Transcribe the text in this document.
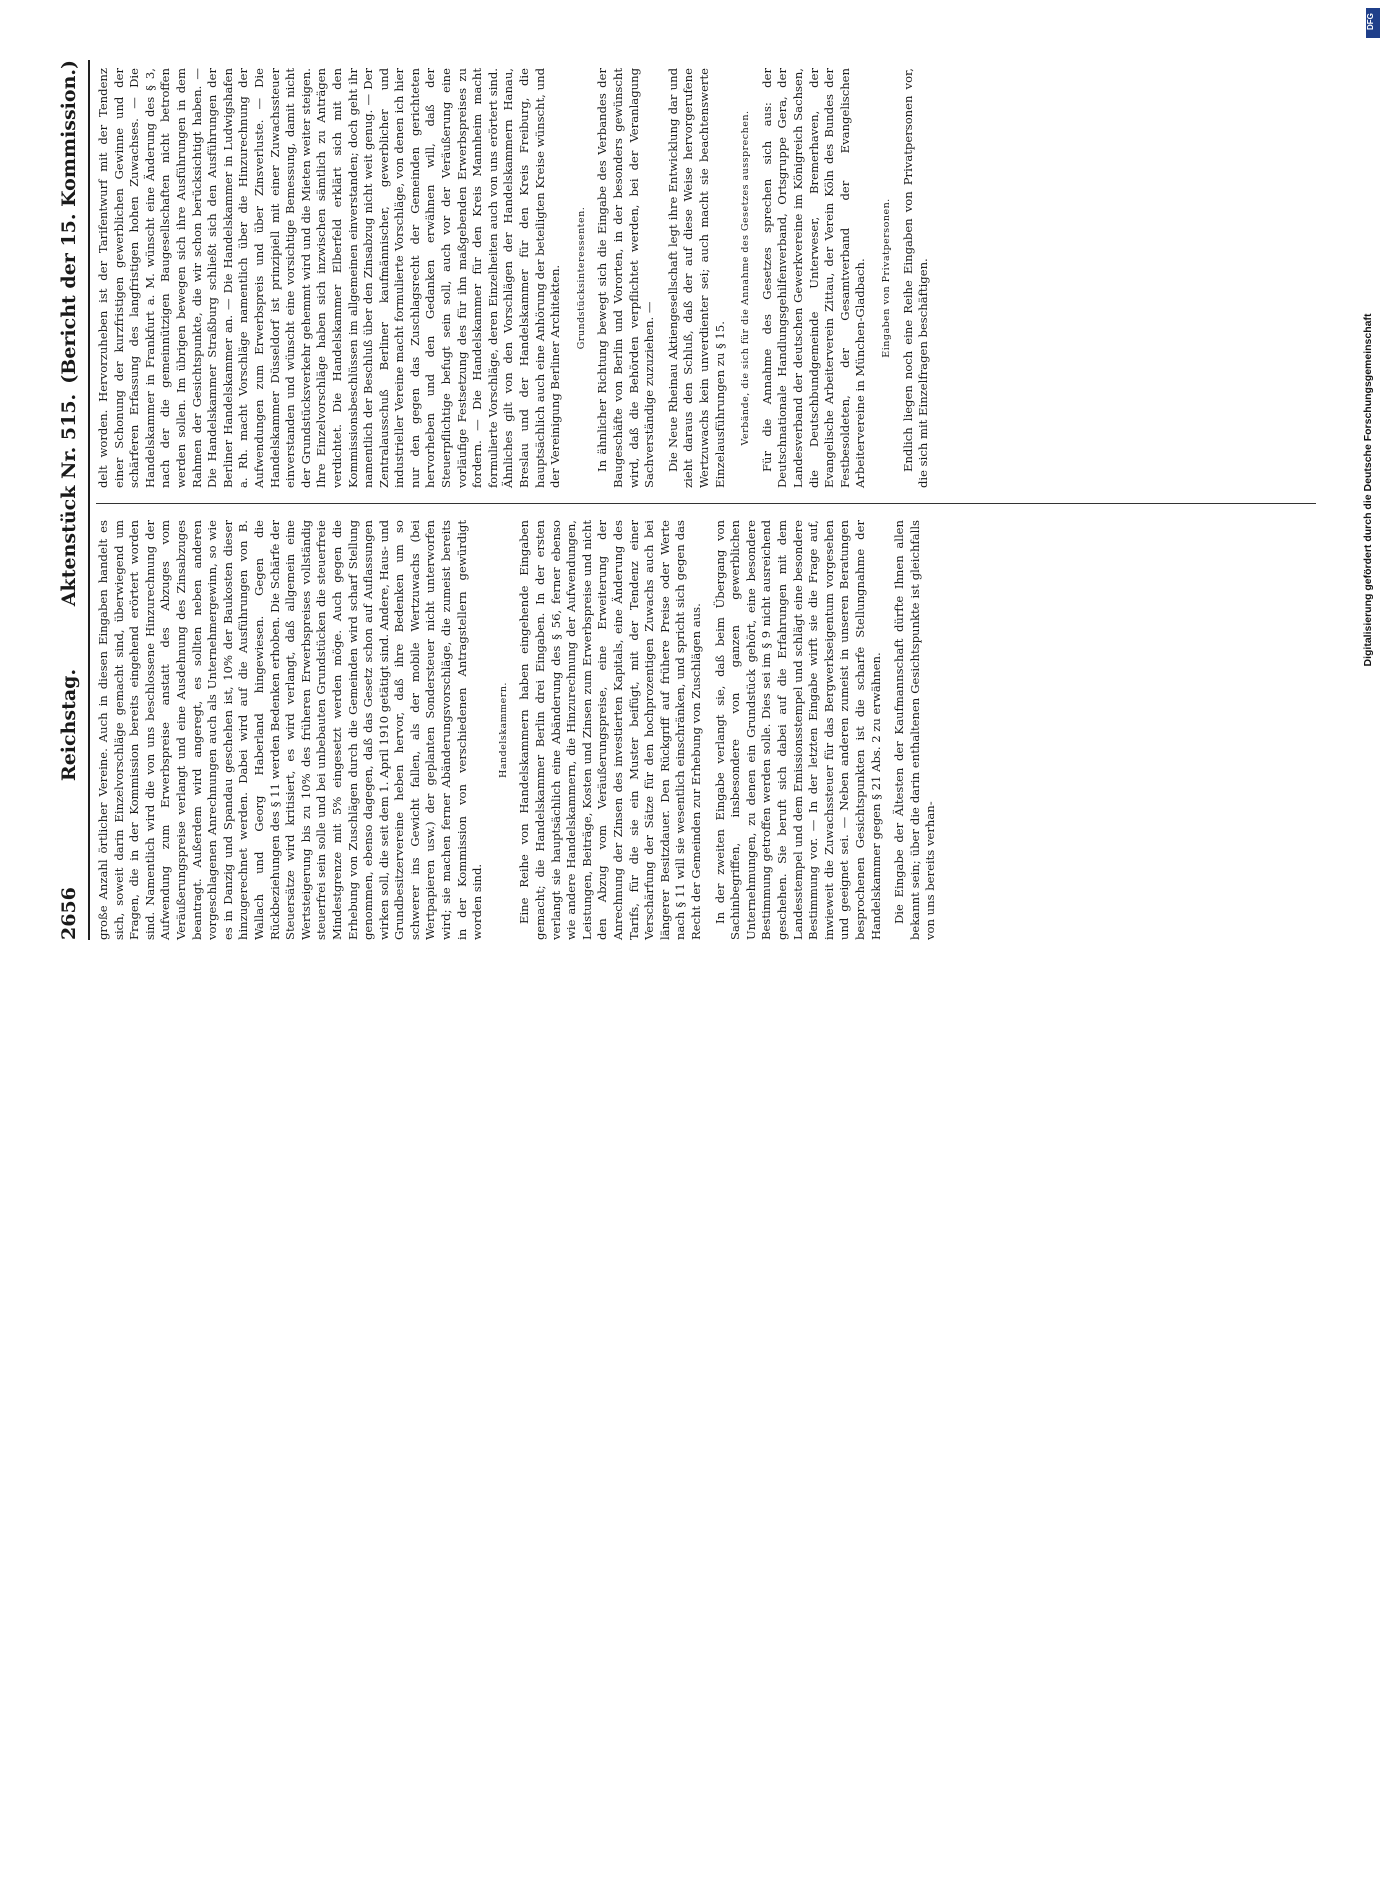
2656
Reichstag.
Aktenstück Nr. 515.
(Bericht der 15. Kommission.)

große Anzahl örtlicher Vereine. Auch in diesen Eingaben handelt es sich, soweit darin Einzelvorschläge gemacht sind, überwiegend um Fragen, die in der Kommission bereits eingehend erörtert worden sind. Namentlich wird die von uns beschlossene Hinzurechnung der Aufwendung zum Erwerbspreise anstatt des Abzuges vom Veräußerungspreise verlangt und eine Ausdehnung des Zinsabzuges beantragt. Außerdem wird angeregt, es sollten neben anderen vorgeschlagenen Anrechnungen auch als Unternehmergewinn, so wie es in Danzig und Spandau geschehen ist, 10% der Baukosten dieser hinzugerechnet werden. Dabei wird auf die Ausführungen von B. Wallach und Georg Haberland hingewiesen. Gegen die Rückbeziehungen des § 11 werden Bedenken erhoben. Die Schärfe der Steuersätze wird kritisiert, es wird verlangt, daß allgemein eine Wertsteigerung bis zu 10% des früheren Erwerbspreises vollständig steuerfrei sein solle und bei unbebauten Grundstücken die steuerfreie Mindestgrenze mit 5% eingesetzt werden möge. Auch gegen die Erhebung von Zuschlägen durch die Gemeinden wird scharf Stellung genommen, ebenso dagegen, daß das Gesetz schon auf Auflassungen wirken soll, die seit dem 1. April 1910 getätigt sind. Andere, Haus- und Grundbesitzervereine heben hervor, daß ihre Bedenken um so schwerer ins Gewicht fallen, als der mobile Wertzuwachs (bei Wertpapieren usw.) der geplanten Sondersteuer nicht unterworfen wird; sie machen ferner Abänderungsvorschläge, die zumeist bereits in der Kommission von verschiedenen Antragstellern gewürdigt worden sind.

Handelskammern. Eine Reihe von Handelskammern haben eingehende Eingaben gemacht; die Handelskammer Berlin drei Eingaben. In der ersten verlangt sie hauptsächlich eine Abänderung des § 56, ferner ebenso wie andere Handelskammern, die Hinzurechnung der Aufwendungen, Leistungen, Beiträge, Kosten und Zinsen zum Erwerbspreise und nicht den Abzug vom Veräußerungspreise, eine Erweiterung der Anrechnung der Zinsen des investierten Kapitals, eine Änderung des Tarifs, für die sie ein Muster beifügt, mit der Tendenz einer Verschärfung der Sätze für den hochprozentigen Zuwachs auch bei längerer Besitzdauer. Den Rückgriff auf frühere Preise oder Werte nach § 11 will sie wesentlich einschränken, und spricht sich gegen das Recht der Gemeinden zur Erhebung von Zuschlägen aus. In der zweiten Eingabe verlangt sie, daß beim Übergang von Sachinbegriffen, insbesondere von ganzen gewerblichen Unternehmungen, zu denen ein Grundstück gehört, eine besondere Bestimmung getroffen werden solle. Dies sei im § 9 nicht ausreichend geschehen. Sie beruft sich dabei auf die Erfahrungen mit dem Landesstempel und dem Emissionsstempel und schlägt eine besondere Bestimmung vor. — In der letzten Eingabe wirft sie die Frage auf, inwieweit die Zuwachssteuer für das Bergwerkseigentum vorgesehen und geeignet sei. — Neben anderen zumeist in unseren Beratungen besprochenen Gesichtspunkten ist die scharfe Stellungnahme der Handelskammer gegen § 21 Abs. 2 zu erwähnen. Die Eingabe der Ältesten der Kaufmannschaft dürfte Ihnen allen bekannt sein; über die darin enthaltenen Gesichtspunkte ist gleichfalls von uns bereits verhan-

delt worden. Hervorzuheben ist der Tarifentwurf mit der Tendenz einer Schonung der kurzfristigen gewerblichen Gewinne und der schärferen Erfassung des langfristigen hohen Zuwachses. — Die Handelskammer in Frankfurt a. M. wünscht eine Änderung des § 3, nach der die gemeinnützigen Baugesellschaften nicht betroffen werden sollen. Im übrigen bewegen sich ihre Ausführungen in dem Rahmen der Gesichtspunkte, die wir schon berücksichtigt haben. — Die Handelskammer Straßburg schließt sich den Ausführungen der Berliner Handelskammer an. — Die Handelskammer in Ludwigshafen a. Rh. macht Vorschläge namentlich über die Hinzurechnung der Aufwendungen zum Erwerbspreis und über Zinsverluste. — Die Handelskammer Düsseldorf ist prinzipiell mit einer Zuwachssteuer einverstanden und wünscht eine vorsichtige Bemessung, damit nicht der Grundstücksverkehr gehemmt wird und die Mieten weiter steigen. Ihre Einzelvorschläge haben sich inzwischen sämtlich zu Anträgen verdichtet. Die Handelskammer Elberfeld erklärt sich mit den Kommissionsbeschlüssen im allgemeinen einverstanden; doch geht ihr namentlich der Beschluß über den Zinsabzug nicht weit genug. — Der Zentralausschuß Berliner kaufmännischer, gewerblicher und industrieller Vereine macht formulierte Vorschläge, von denen ich hier nur den gegen das Zuschlagsrecht der Gemeinden gerichteten hervorheben und den Gedanken erwähnen will, daß der Steuerpflichtige befugt sein soll, auch vor der Veräußerung eine vorläufige Festsetzung des für ihn maßgebenden Erwerbspreises zu fordern. — Die Handelskammer für den Kreis Mannheim macht formulierte Vorschläge, deren Einzelheiten auch von uns erörtert sind. Ähnliches gilt von den Vorschlägen der Handelskammern Hanau, Breslau und der Handelskammer für den Kreis Freiburg, die hauptsächlich auch eine Anhörung der beteiligten Kreise wünscht, und der Vereinigung Berliner Architekten. Grundstücksinteressenten. In ähnlicher Richtung bewegt sich die Eingabe des Verbandes der Baugeschäfte von Berlin und Vororten, in der besonders gewünscht wird, daß die Behörden verpflichtet werden, bei der Veranlagung Sachverständige zuzuziehen. — Die Neue Rheinau Aktiengesellschaft legt ihre Entwicklung dar und zieht daraus den Schluß, daß der auf diese Weise hervorgerufene Wertzuwachs kein unverdienter sei; auch macht sie beachtenswerte Einzelausführungen zu § 15. Verbände, die sich für die Annahme des Gesetzes aussprechen. Für die Annahme des Gesetzes sprechen sich aus: der Deutschnationale Handlungsgehilfenverband, Ortsgruppe Gera, der Landesverband der deutschen Gewerkvereine im Königreich Sachsen, die Deutschbundgemeinde Unterweser, Bremerhaven, der Evangelische Arbeiterverein Zittau, der Verein Köln des Bundes der Festbesoldeten, der Gesamtverband der Evangelischen Arbeitervereine in München-Gladbach. Eingaben von Privatpersonen. Endlich liegen noch eine Reihe Eingaben von Privatpersonen vor, die sich mit Einzelfragen beschäftigen.

DFG
Digitalisierung gefördert durch die Deutsche Forschungsgemeinschaft
